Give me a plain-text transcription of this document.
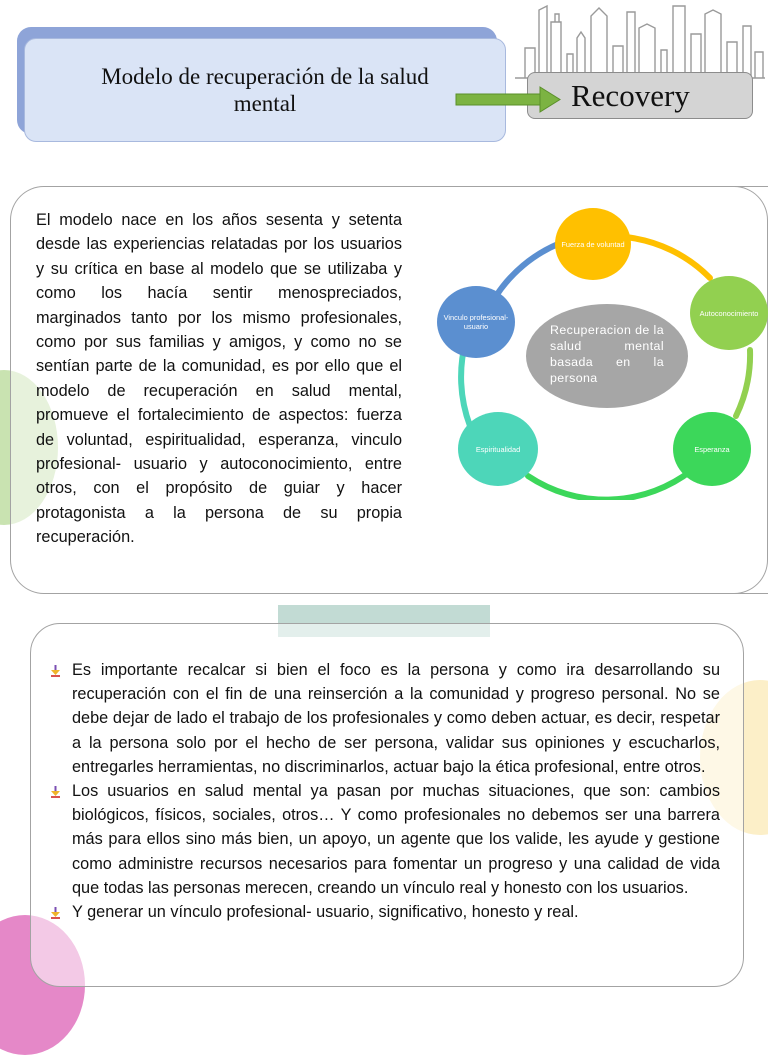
Modelo de recuperación de la salud mental	Recovery
El modelo nace en los años sesenta y setenta desde las experiencias relatadas por los usuarios y su crítica en base al modelo que se utilizaba y como los hacía sentir menospreciados, marginados tanto por los mismo profesionales, como por sus familias y amigos, y como no se sentían parte de la comunidad, es por ello que el modelo de recuperación en salud mental, promueve el fortalecimiento de aspectos: fuerza de voluntad, espiritualidad, esperanza, vinculo profesional- usuario y autoconocimiento, entre otros, con el propósito de guiar y hacer protagonista a la persona de su propia recuperación.
Fuerza de voluntad
Autoconocimiento
Esperanza
Espiritualidad
Vinculo profesional- usuario	Recuperacion de la salud mental basada en la persona
Es importante recalcar si bien el foco es la persona y como ira desarrollando su recuperación con el fin de una reinserción a la comunidad y progreso personal. No se debe dejar de lado el trabajo de los profesionales y como deben actuar, es decir, respetar a la persona solo por el hecho de ser persona, validar sus opiniones y escucharlos, entregarles herramientas, no discriminarlos, actuar bajo la ética profesional, entre otros.
Los usuarios en salud mental ya pasan por muchas situaciones, que son: cambios biológicos, físicos, sociales, otros… Y como profesionales no debemos ser una barrera más para ellos sino más bien, un apoyo, un agente que los valide, les ayude y gestione como administre recursos necesarios para fomentar un progreso y una calidad de vida que todas las personas merecen, creando un vínculo real y honesto con los usuarios.
Y generar un vínculo profesional- usuario, significativo, honesto y real.
